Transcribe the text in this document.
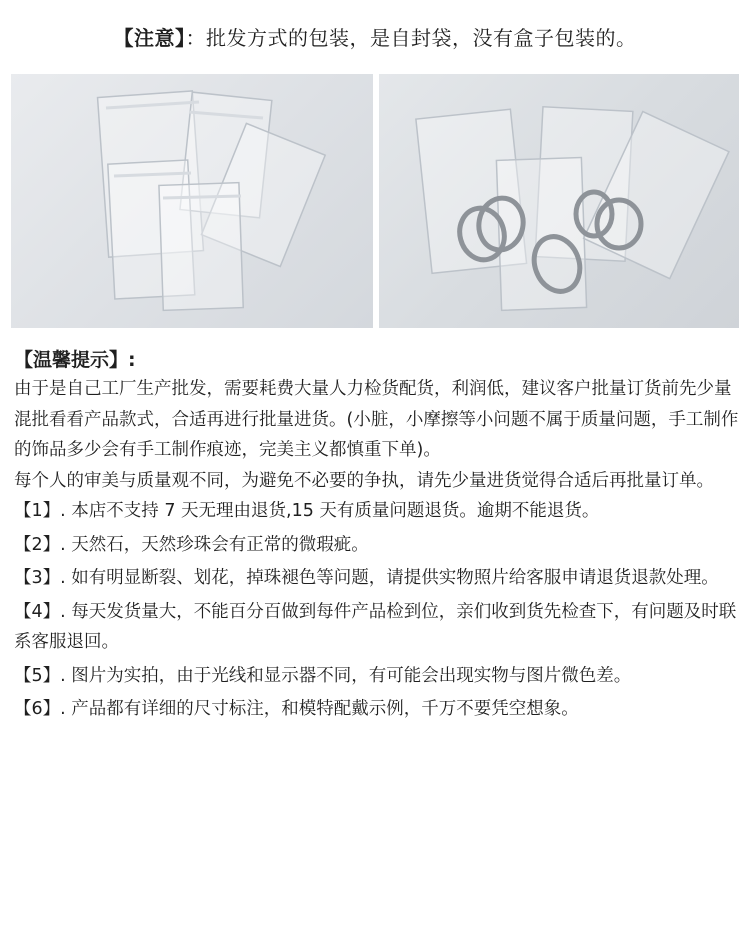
【注意】：批发方式的包装，是自封袋，没有盒子包装的。
【温馨提示】:

由于是自己工厂生产批发，需要耗费大量人力检货配货，利润低，建议客户批量订货前先少量混批看看产品款式，合适再进行批量进货。(小脏，小摩擦等小问题不属于质量问题，手工制作的饰品多少会有手工制作痕迹，完美主义都慎重下单)。

每个人的审美与质量观不同，为避免不必要的争执，请先少量进货觉得合适后再批量订单。

【1】. 本店不支持 7 天无理由退货,15 天有质量问题退货。逾期不能退货。

【2】. 天然石，天然珍珠会有正常的微瑕疵。

【3】. 如有明显断裂、划花，掉珠褪色等问题，请提供实物照片给客服申请退货退款处理。

【4】. 每天发货量大，不能百分百做到每件产品检到位，亲们收到货先检查下，有问题及时联系客服退回。

【5】. 图片为实拍，由于光线和显示器不同，有可能会出现实物与图片微色差。

【6】. 产品都有详细的尺寸标注，和模特配戴示例，千万不要凭空想象。
